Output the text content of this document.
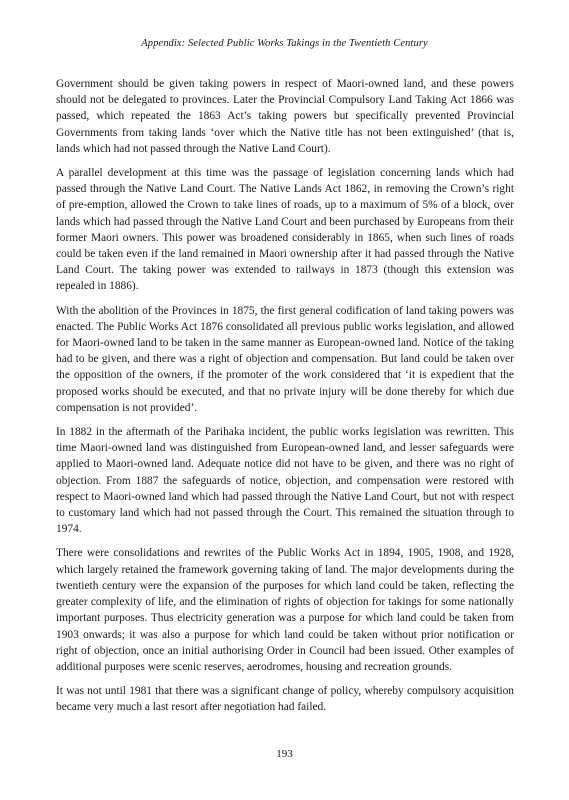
Appendix: Selected Public Works Takings in the Twentieth Century

Government should be given taking powers in respect of Maori-owned land, and these powers should not be delegated to provinces. Later the Provincial Compulsory Land Taking Act 1866 was passed, which repeated the 1863 Act’s taking powers but specifically prevented Provincial Governments from taking lands ‘over which the Native title has not been extinguished’ (that is, lands which had not passed through the Native Land Court).

A parallel development at this time was the passage of legislation concerning lands which had passed through the Native Land Court. The Native Lands Act 1862, in removing the Crown’s right of pre-emption, allowed the Crown to take lines of roads, up to a maximum of 5% of a block, over lands which had passed through the Native Land Court and been purchased by Europeans from their former Maori owners. This power was broadened considerably in 1865, when such lines of roads could be taken even if the land remained in Maori ownership after it had passed through the Native Land Court. The taking power was extended to railways in 1873 (though this extension was repealed in 1886).

With the abolition of the Provinces in 1875, the first general codification of land taking powers was enacted. The Public Works Act 1876 consolidated all previous public works legislation, and allowed for Maori-owned land to be taken in the same manner as European-owned land. Notice of the taking had to be given, and there was a right of objection and compensation. But land could be taken over the opposition of the owners, if the promoter of the work considered that ‘it is expedient that the proposed works should be executed, and that no private injury will be done thereby for which due compensation is not provided’.

In 1882 in the aftermath of the Parihaka incident, the public works legislation was rewritten. This time Maori-owned land was distinguished from European-owned land, and lesser safeguards were applied to Maori-owned land. Adequate notice did not have to be given, and there was no right of objection. From 1887 the safeguards of notice, objection, and compensation were restored with respect to Maori-owned land which had passed through the Native Land Court, but not with respect to customary land which had not passed through the Court. This remained the situation through to 1974.

There were consolidations and rewrites of the Public Works Act in 1894, 1905, 1908, and 1928, which largely retained the framework governing taking of land. The major developments during the twentieth century were the expansion of the purposes for which land could be taken, reflecting the greater complexity of life, and the elimination of rights of objection for takings for some nationally important purposes. Thus electricity generation was a purpose for which land could be taken from 1903 onwards; it was also a purpose for which land could be taken without prior notification or right of objection, once an initial authorising Order in Council had been issued. Other examples of additional purposes were scenic reserves, aerodromes, housing and recreation grounds.

It was not until 1981 that there was a significant change of policy, whereby compulsory acquisition became very much a last resort after negotiation had failed.

193
